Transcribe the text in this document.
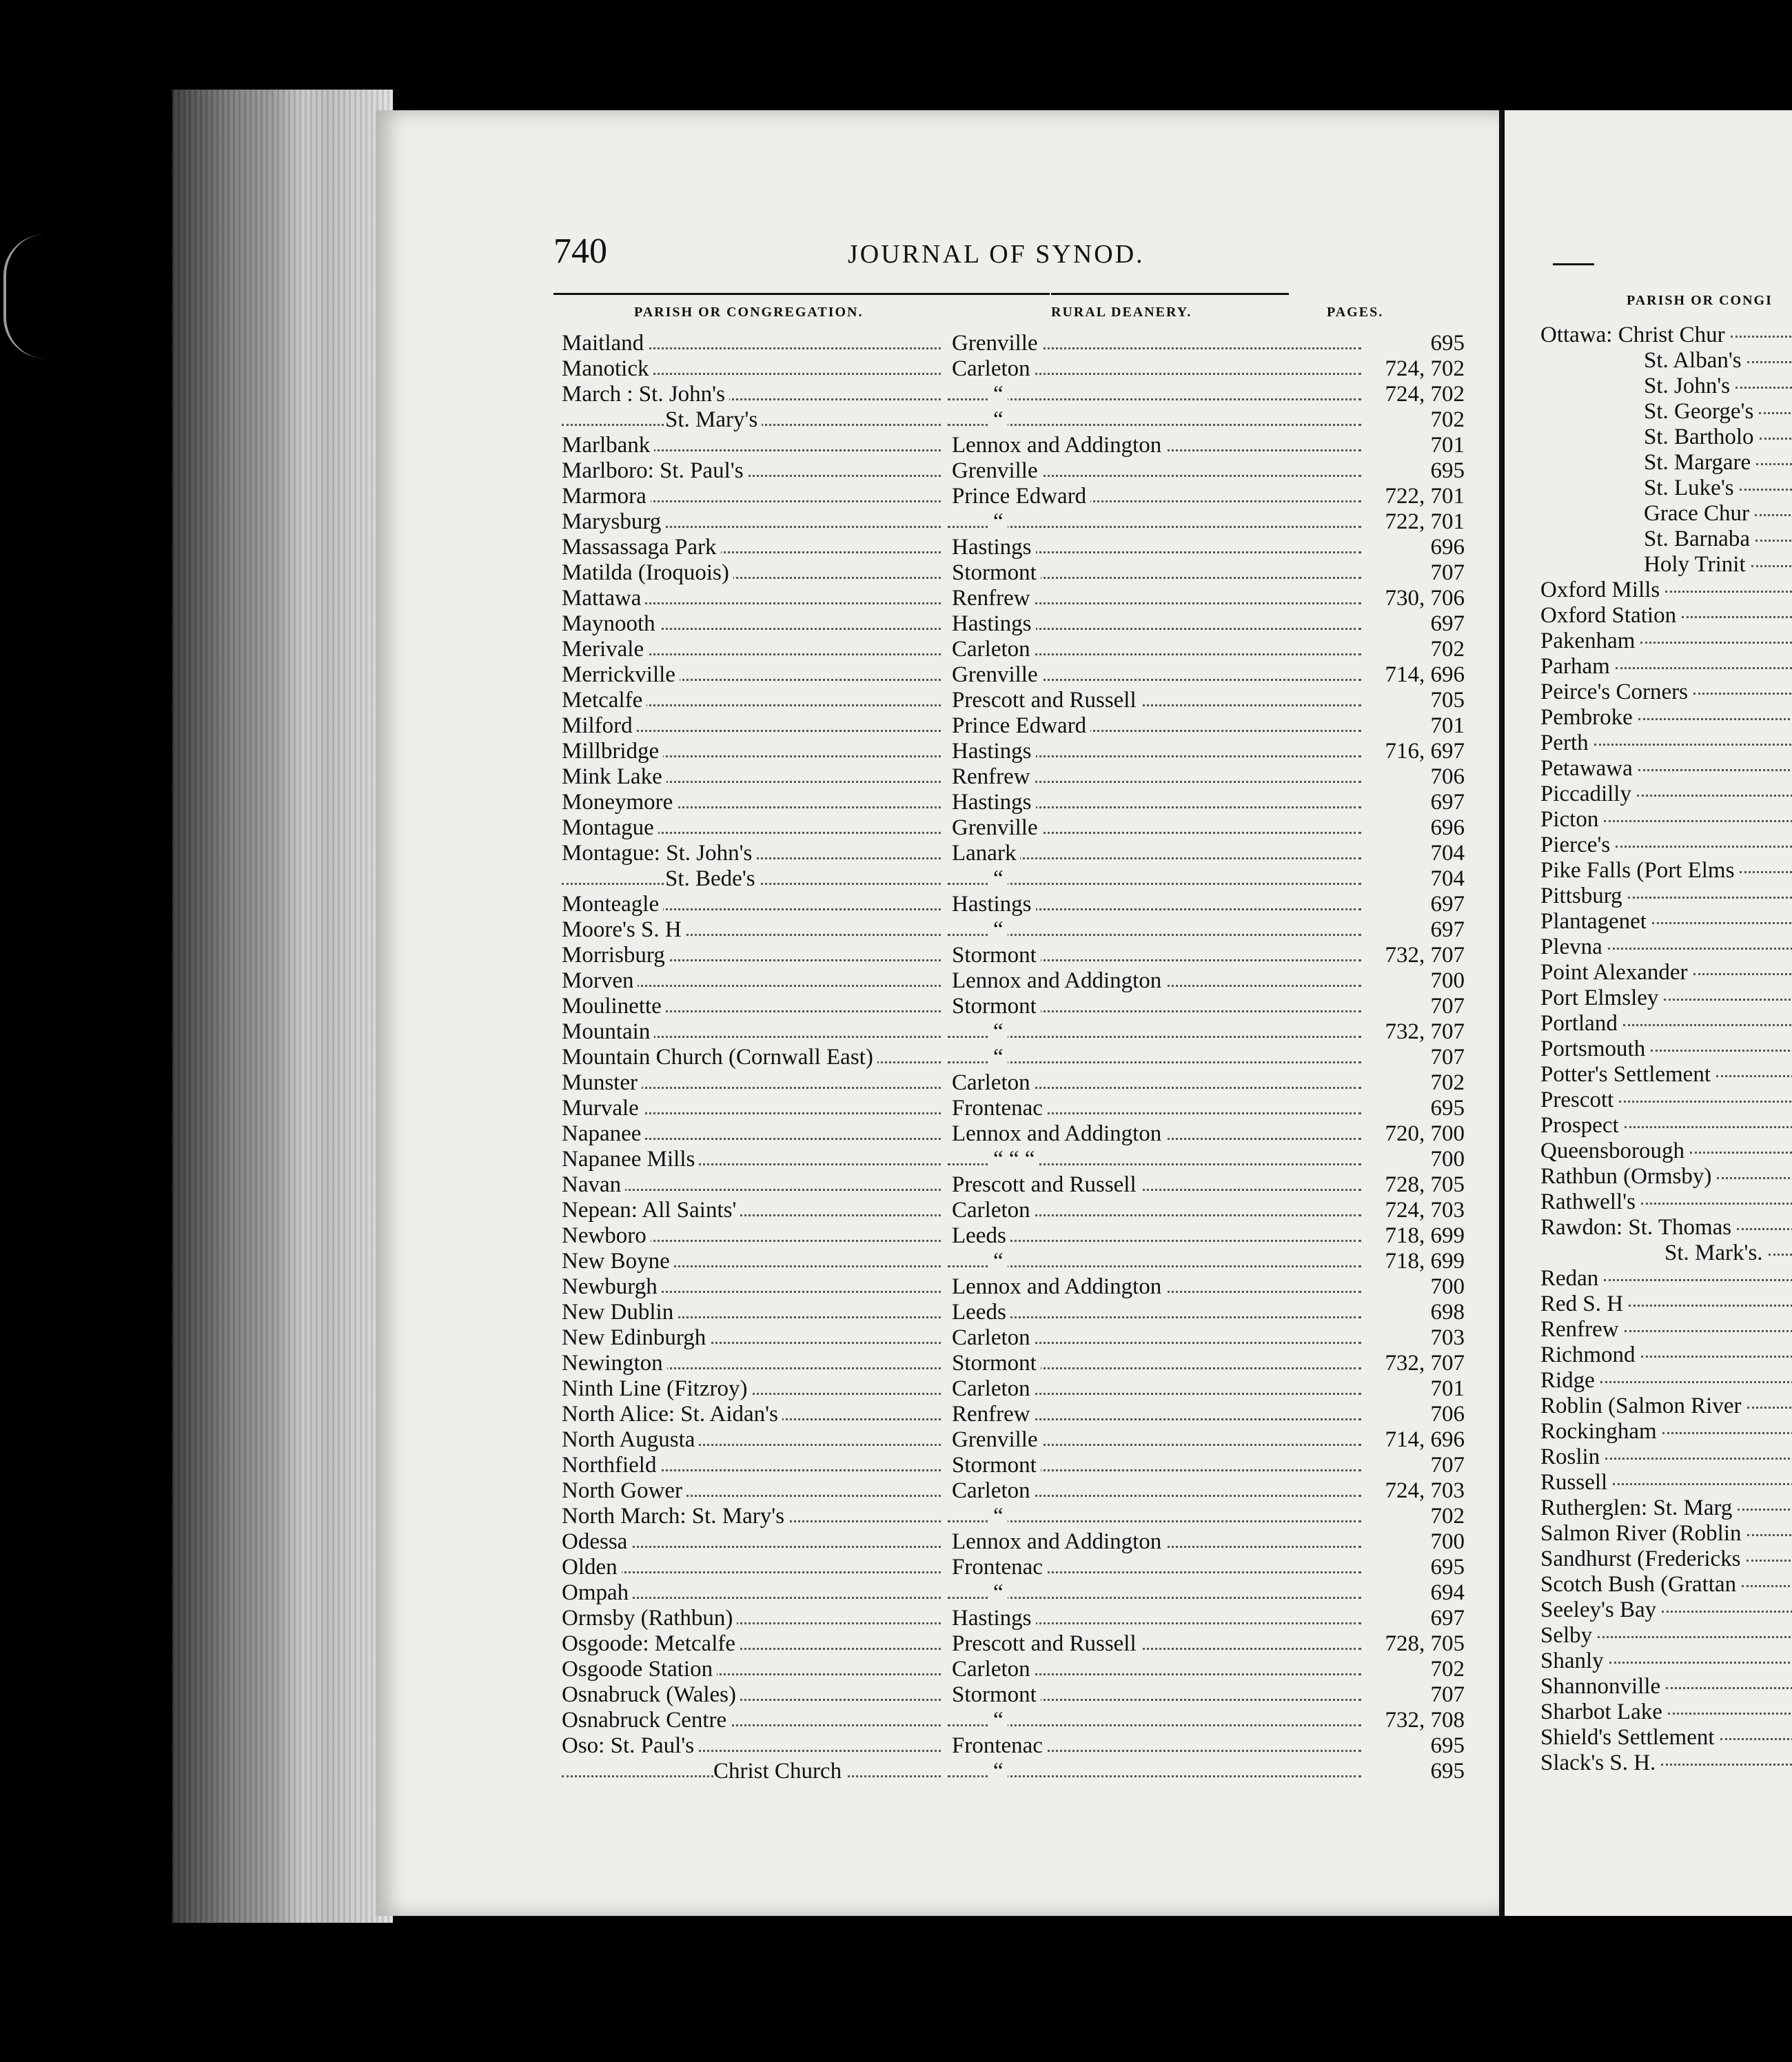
740	JOURNAL OF SYNOD.
PARISH OR CONGREGATION.	RURAL DEANERY.	PAGES.
Maitland	Grenville	695
Manotick	Carleton	724, 702
March : St. John's	“	724, 702
St. Mary's	“	702
Marlbank	Lennox and Addington	701
Marlboro: St. Paul's	Grenville	695
Marmora	Prince Edward	722, 701
Marysburg	“	722, 701
Massassaga Park	Hastings	696
Matilda (Iroquois)	Stormont	707
Mattawa	Renfrew	730, 706
Maynooth	Hastings	697
Merivale	Carleton	702
Merrickville	Grenville	714, 696
Metcalfe	Prescott and Russell	705
Milford	Prince Edward	701
Millbridge	Hastings	716, 697
Mink Lake	Renfrew	706
Moneymore	Hastings	697
Montague	Grenville	696
Montague: St. John's	Lanark	704
St. Bede's	“	704
Monteagle	Hastings	697
Moore's S. H	“	697
Morrisburg	Stormont	732, 707
Morven	Lennox and Addington	700
Moulinette	Stormont	707
Mountain	“	732, 707
Mountain Church (Cornwall East)	“	707
Munster	Carleton	702
Murvale	Frontenac	695
Napanee	Lennox and Addington	720, 700
Napanee Mills	“ “ “	700
Navan	Prescott and Russell	728, 705
Nepean: All Saints'	Carleton	724, 703
Newboro	Leeds	718, 699
New Boyne	“	718, 699
Newburgh	Lennox and Addington	700
New Dublin	Leeds	698
New Edinburgh	Carleton	703
Newington	Stormont	732, 707
Ninth Line (Fitzroy)	Carleton	701
North Alice: St. Aidan's	Renfrew	706
North Augusta	Grenville	714, 696
Northfield	Stormont	707
North Gower	Carleton	724, 703
North March: St. Mary's	“	702
Odessa	Lennox and Addington	700
Olden	Frontenac	695
Ompah	“	694
Ormsby (Rathbun)	Hastings	697
Osgoode: Metcalfe	Prescott and Russell	728, 705
Osgoode Station	Carleton	702
Osnabruck (Wales)	Stormont	707
Osnabruck Centre	“	732, 708
Oso: St. Paul's	Frontenac	695
Christ Church	“	695
PARISH OR CONGI
Ottawa: Christ Chur
St. Alban's
St. John's
St. George's
St. Bartholo
St. Margare
St. Luke's
Grace Chur
St. Barnaba
Holy Trinit
Oxford Mills
Oxford Station
Pakenham
Parham
Peirce's Corners
Pembroke
Perth
Petawawa
Piccadilly
Picton
Pierce's
Pike Falls (Port Elms
Pittsburg
Plantagenet
Plevna
Point Alexander
Port Elmsley
Portland
Portsmouth
Potter's Settlement
Prescott
Prospect
Queensborough
Rathbun (Ormsby)
Rathwell's
Rawdon: St. Thomas
St. Mark's.
Redan
Red S. H
Renfrew
Richmond
Ridge
Roblin (Salmon River
Rockingham
Roslin
Russell
Rutherglen: St. Marg
Salmon River (Roblin
Sandhurst (Fredericks
Scotch Bush (Grattan
Seeley's Bay
Selby
Shanly
Shannonville
Sharbot Lake
Shield's Settlement
Slack's S. H.
